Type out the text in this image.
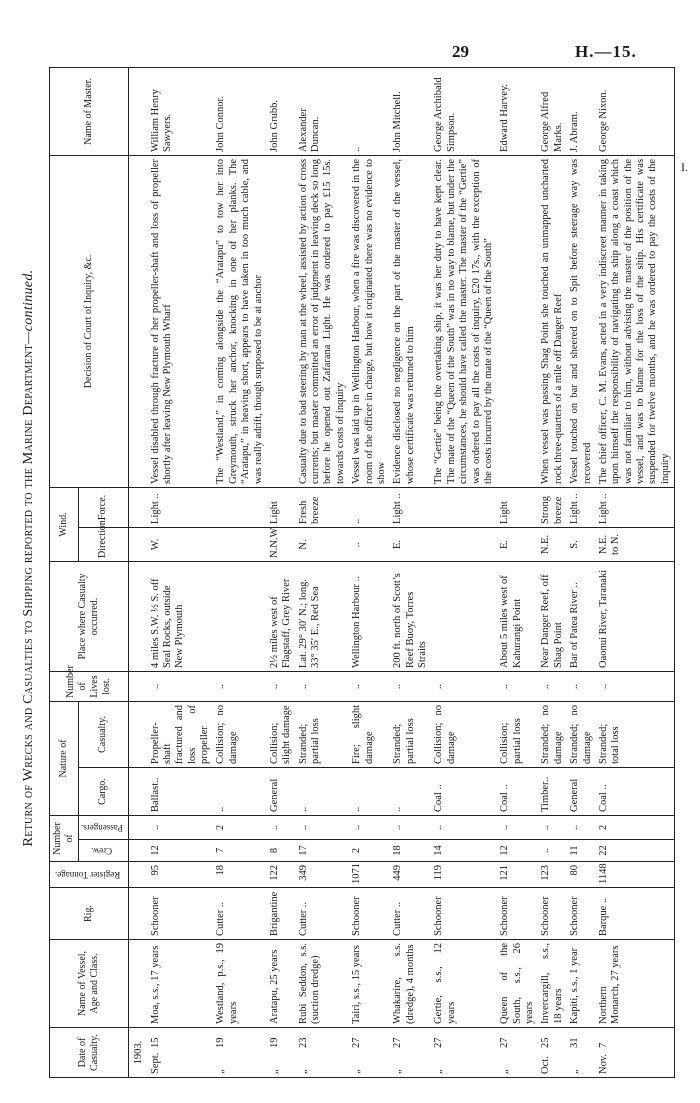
29	H.—15.
I.
Return of Wrecks and Casualties to Shipping reported to the Marine Department—continued.
Date of Casualty.	Name of Vessel, Age and Class.	Rig.	Register Tonnage.	Number of		Nature of		Number of Lives lost.	Place where Casualty occurred.	Wind.		Decision of Court of Inquiry, &c.	Name of Master.
				Crew.	Passengers.	Cargo.	Casualty.			Direction.	Force.		
1903.													
Sept.15	Moa, s.s., 17 years	Schooner	95	12	..	Ballast..	Propeller-shaft fractured and loss of propeller	..	4 miles S.W. ½ S. off Seal Rocks, outside New Plymouth	W.	Light ..	Vessel disabled through fracture of her propeller-shaft and loss of propeller shortly after leaving New Plymouth Wharf	William Henry Sawyers.
„19	Westland, p.s., 19 years	Cutter ..	18	7	2	..	Collision; no damage	..				The “Westland,” in coming alongside the “Aratapu” to tow her into Greymouth, struck her anchor, knocking in one of her planks. The “Aratapu,” in heaving short, appears to have taken in too much cable, and was really adrift, though supposed to be at anchor	John Connor.
„19	Aratapu, 25 years	Brigantine	122	8	..	General	Collision; slight damage	..	2½ miles west of Flagstaff, Grey River	N.N.W.	Light		John Grubb.
„23	Rubi Seddon, s.s. (suction dredge)	Cutter ..	349	17	..	..	Stranded; partial loss	..	Lat. 29° 30′ N.; long. 33° 35′ E., Red Sea	N.	Fresh breeze	Casualty due to bad steering by man at the wheel, assisted by action of cross currents; but master committed an error of judgment in leaving deck so long before he opened out Zafarana Light. He was ordered to pay £15 15s. towards costs of inquiry	Alexander Duncan.
„27	Tairi, s.s., 15 years	Schooner	1071	2	..	..	Fire; slight damage	..	Wellington Harbour ..	..	..	Vessel was laid up in Wellington Harbour, when a fire was discovered in the room of the officer in charge, but how it originated there was no evidence to show	..
„27	Whakarire, s.s. (dredge), 4 months	Cutter ..	449	18	..	..	Stranded; partial loss	..	200 ft. north of Scott’s Reef Buoy, Torres Straits	E.	Light ..	Evidence disclosed no negligence on the part of the master of the vessel, whose certificate was returned to him	John Mitchell.
„27	Gertie, s.s., 12 years	Schooner	119	14	..	Coal ..	Collision; no damage	..				The “Gertie” being the overtaking ship, it was her duty to have kept clear. The mate of the “Queen of the South” was in no way to blame, but under the circumstances, he should have called the master. The master of the “Gertie” was ordered to pay all the costs of inquiry, £20 17s., with the exception of the costs incurred by the mate of the “Queen of the South”	George Archibald Simpson.
„27	Queen of the South, s.s., 26 years	Schooner	121	12	..	Coal ..	Collision; partial loss	..	About 5 miles west of Kahurangi Point	E.	Light		Edward Harvey.
Oct.25	Invercargill, s.s., 18 years	Schooner	123	..	..	Timber..	Stranded; no damage	..	Near Danger Reef, off Shag Point	N.E.	Strong breeze	When vessel was passing Shag Point she touched an unmapped uncharted rock three-quarters of a mile off Danger Reef	George Alfred Marks.
„31	Kapiti, s.s., 1 year	Schooner	80	11	..	General	Stranded; no damage	..	Bar of Patea River ..	S.	Light ..	Vessel touched on bar and sheered on to Spit before steerage way was recovered	J. Abram.
Nov.7	Northern Monarch, 27 years	Barque ..	1148	22	2	Coal ..	Stranded; total loss	..	Oaonui River, Taranaki	N.E. to N.	Light ..	The chief officer, C. M. Evans, acted in a very indiscreet manner in taking upon himself the responsibility of navigating the ship along a coast which was not familiar to him, without advising the master of the position of the vessel, and was to blame for the loss of the ship. His certificate was suspended for twelve months, and he was ordered to pay the costs of the inquiry	George Nixon.
